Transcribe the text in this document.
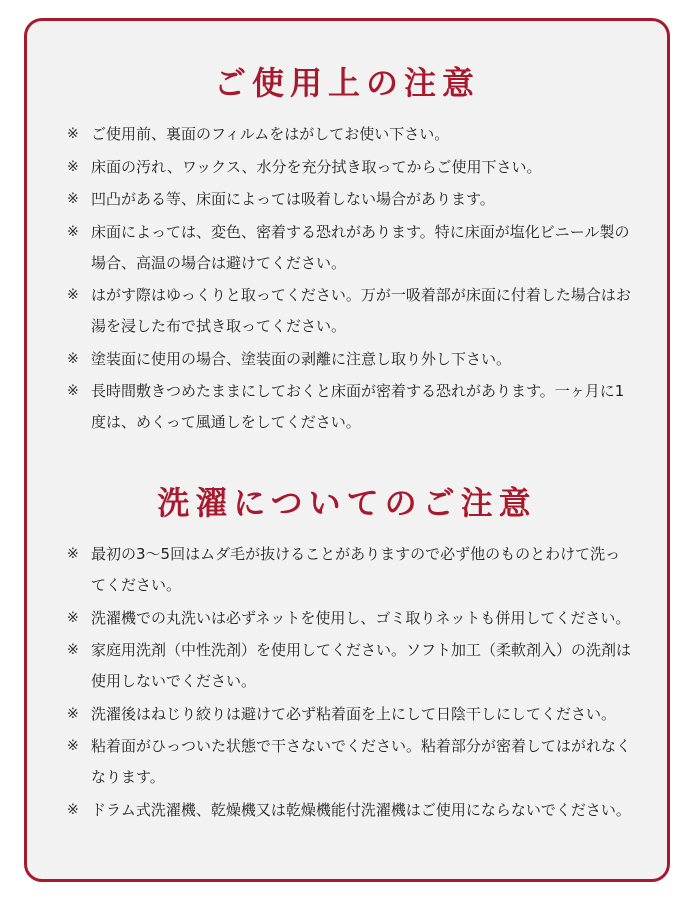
ご使用上の注意
※ ご使用前、裏面のフィルムをはがしてお使い下さい。
※ 床面の汚れ、ワックス、水分を充分拭き取ってからご使用下さい。
※ 凹凸がある等、床面によっては吸着しない場合があります。
※ 床面によっては、変色、密着する恐れがあります。特に床面が塩化ビニール製の場合、高温の場合は避けてください。
※ はがす際はゆっくりと取ってください。万が一吸着部が床面に付着した場合はお湯を浸した布で拭き取ってください。
※ 塗装面に使用の場合、塗装面の剥離に注意し取り外し下さい。
※ 長時間敷きつめたままにしておくと床面が密着する恐れがあります。一ヶ月に1度は、めくって風通しをしてください。
洗濯についてのご注意
※ 最初の3〜5回はムダ毛が抜けることがありますので必ず他のものとわけて洗ってください。
※ 洗濯機での丸洗いは必ずネットを使用し、ゴミ取りネットも併用してください。
※ 家庭用洗剤（中性洗剤）を使用してください。ソフト加工（柔軟剤入）の洗剤は使用しないでください。
※ 洗濯後はねじり絞りは避けて必ず粘着面を上にして日陰干しにしてください。
※ 粘着面がひっついた状態で干さないでください。粘着部分が密着してはがれなくなります。
※ ドラム式洗濯機、乾燥機又は乾燥機能付洗濯機はご使用にならないでください。
